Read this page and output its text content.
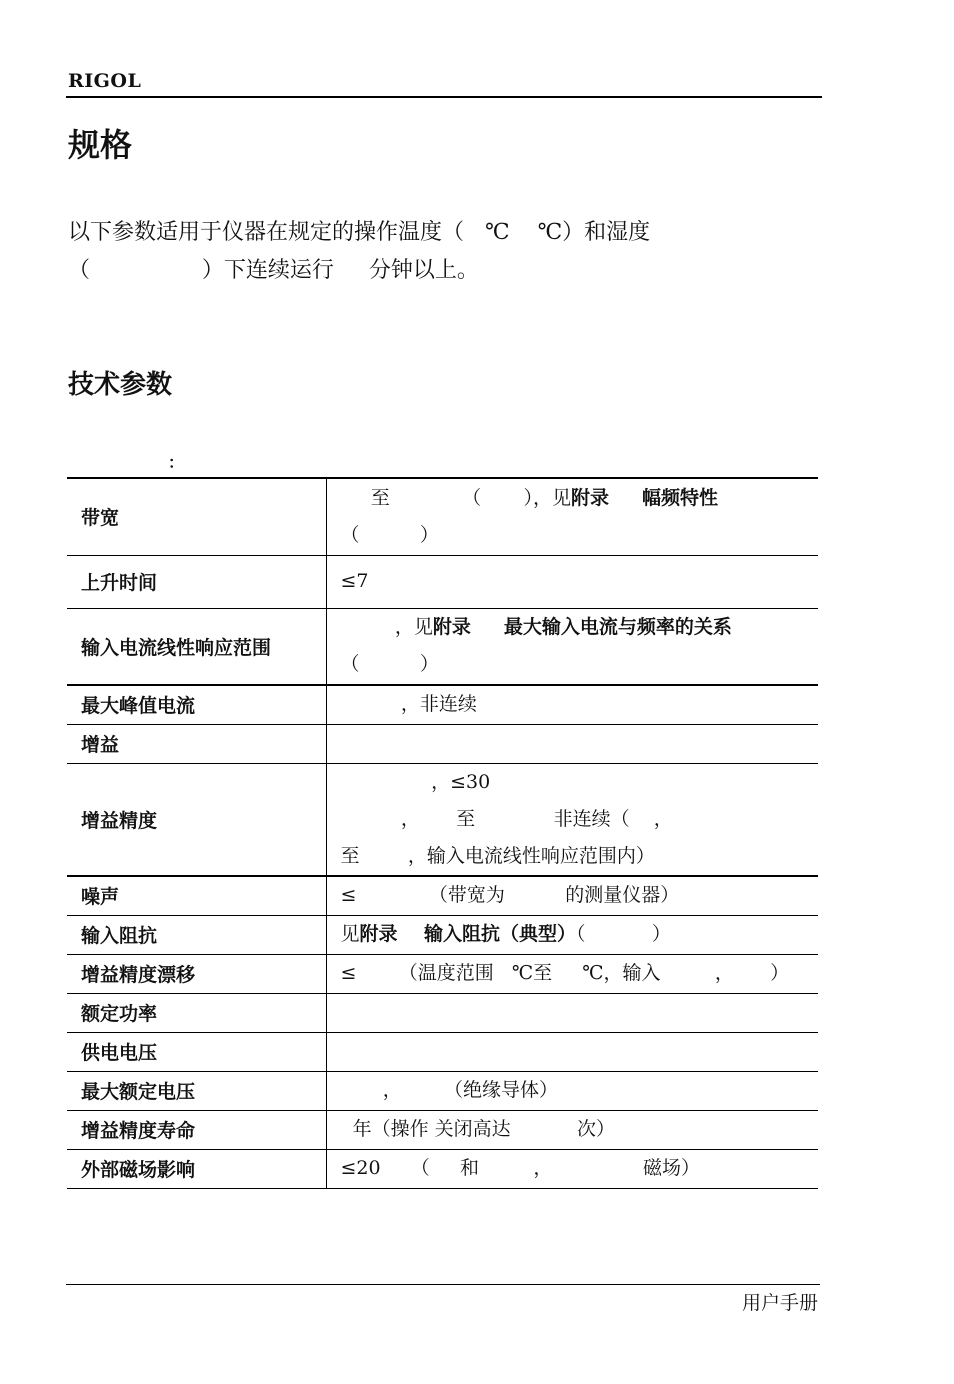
RIGOL
规格
以下参数适用于仪器在规定的操作温度（   ℃    ℃）和湿度
（                ）下连续运行     分钟以上。
技术参数
：
带宽	至            （       ），见附录     幅频特性
（          ）

上升时间	≤7

输入电流线性响应范围	，见附录     最大输入电流与频率的关系
（          ）

最大峰值电流	，非连续

增益	

增益精度	，≤30
，      至             非连续（    ，
至        ，输入电流线性响应范围内）

噪声	≤            （带宽为          的测量仪器）

输入阻抗	见附录    输入阻抗（典型）（           ）

增益精度漂移	≤       （温度范围   ℃至     ℃，输入         ，      ）

额定功率	

供电电压	

最大额定电压	，       （绝缘导体）

增益精度寿命	年（操作 关闭高达           次）

外部磁场影响	≤20     （     和         ，               磁场）
用户手册
